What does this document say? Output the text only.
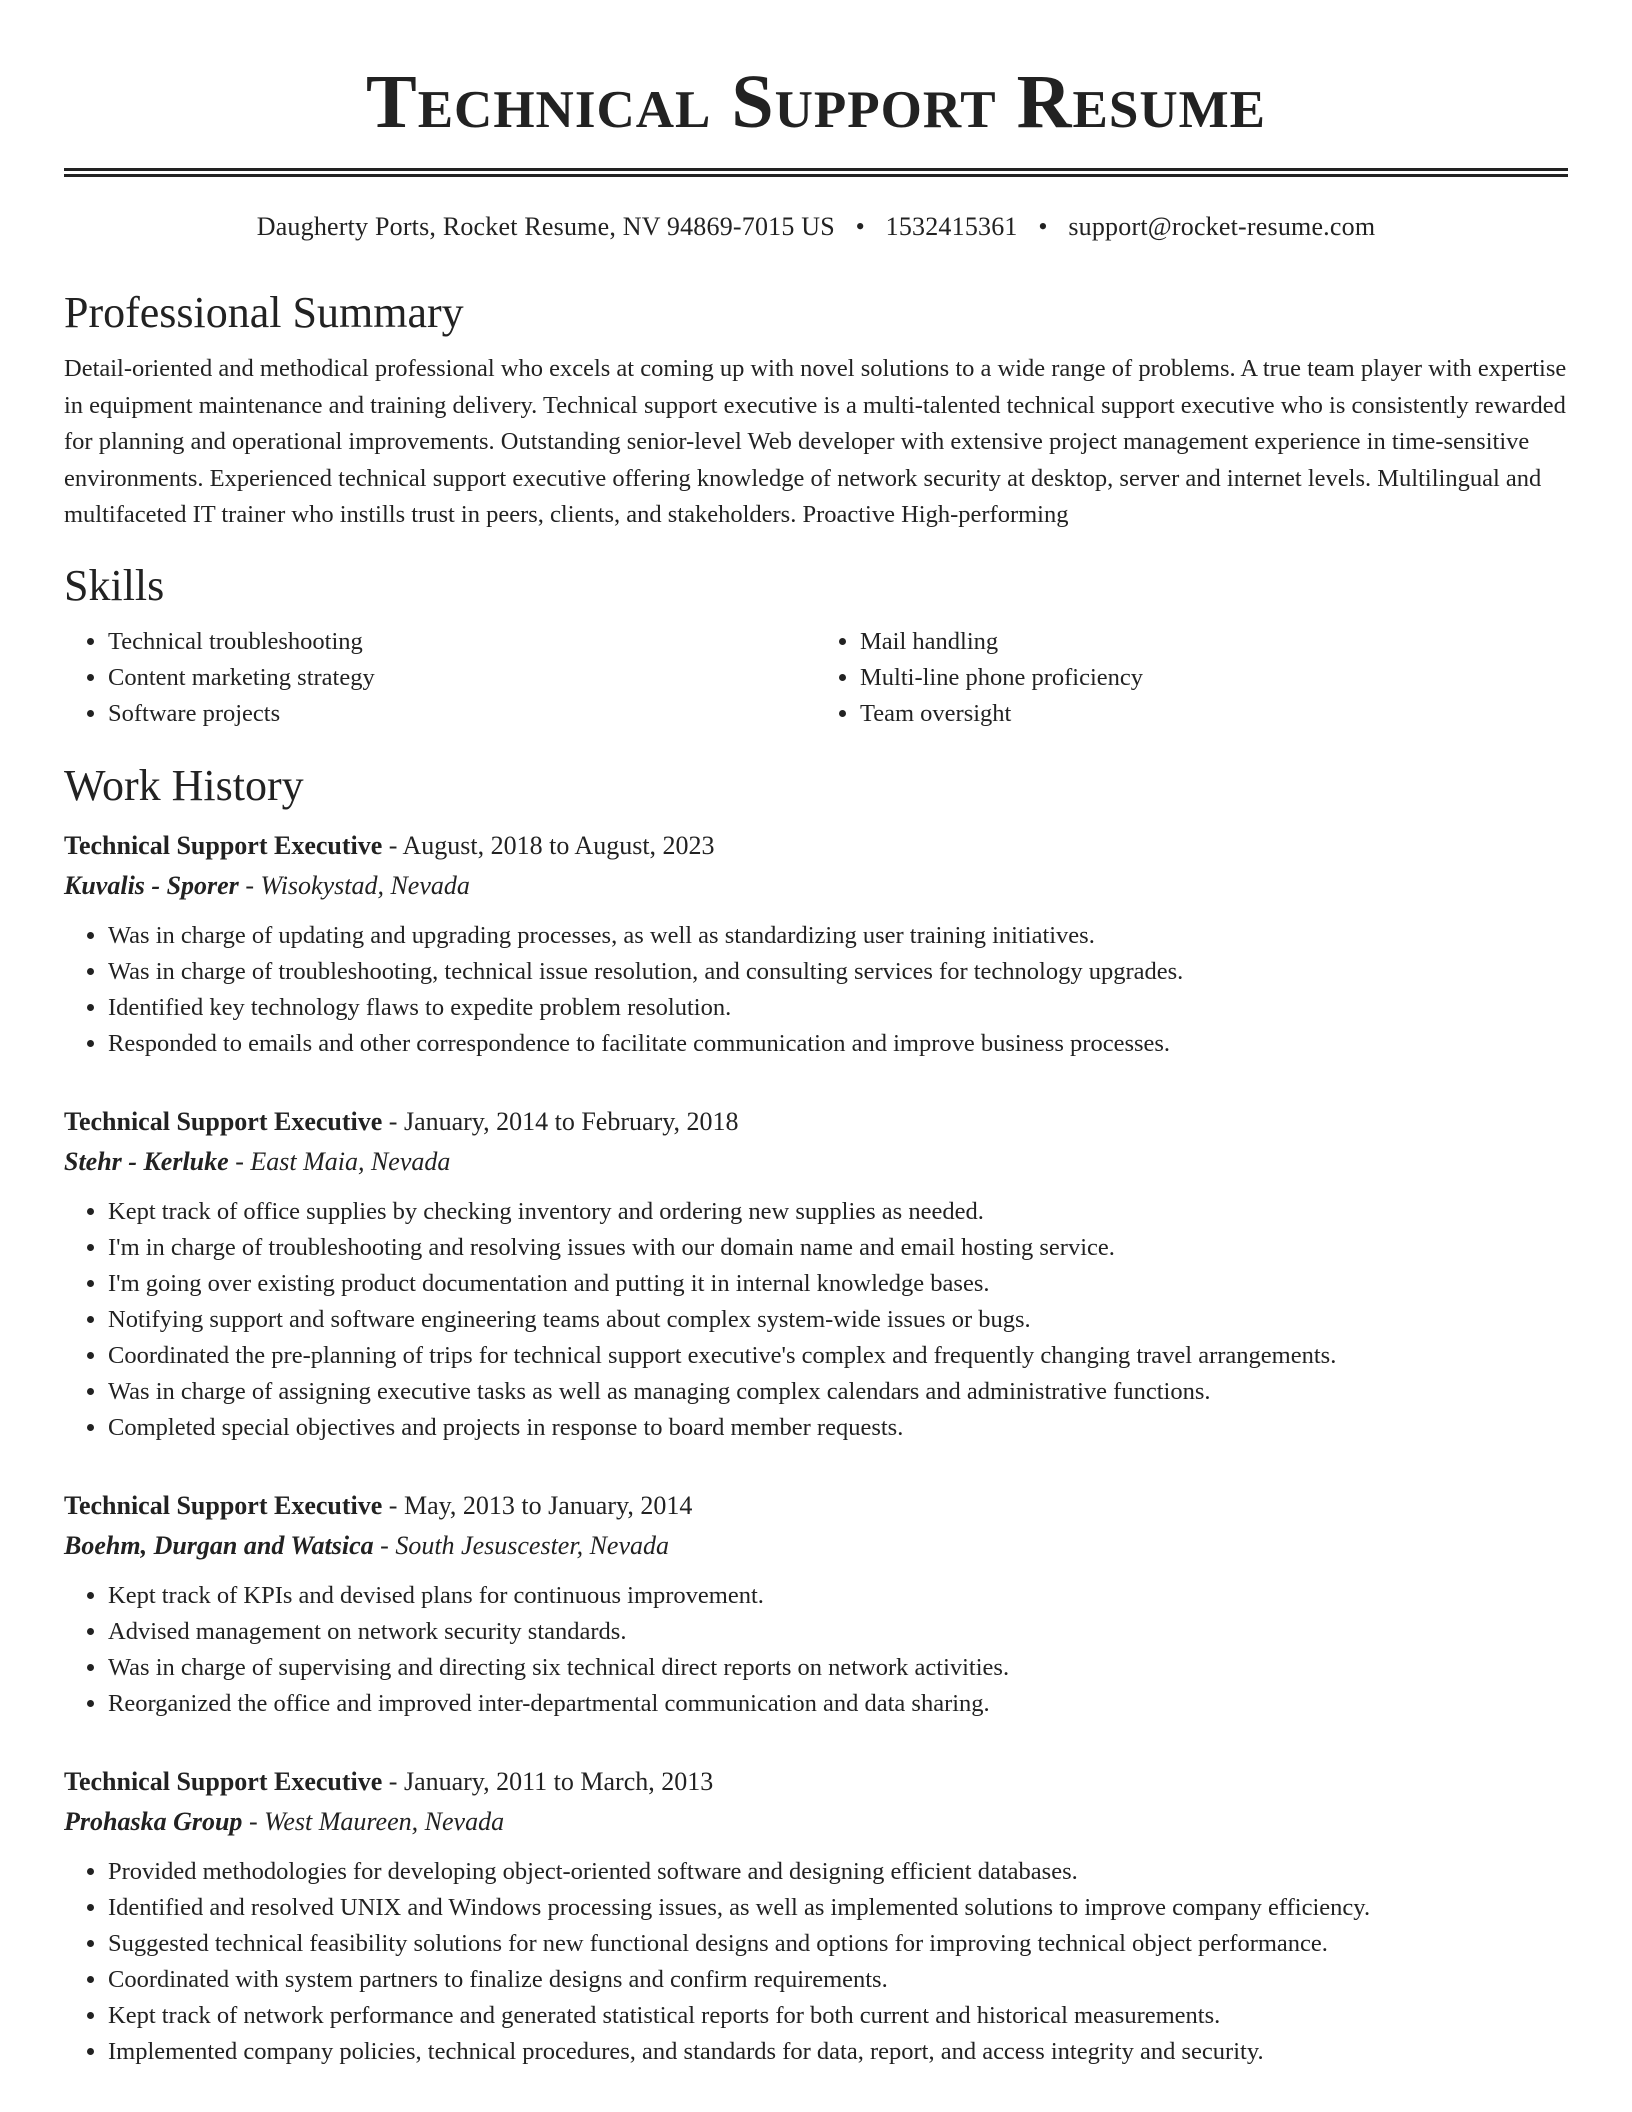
Technical Support Resume
Daugherty Ports, Rocket Resume, NV 94869-7015 US • 1532415361 • support@rocket-resume.com
Professional Summary

Detail-oriented and methodical professional who excels at coming up with novel solutions to a wide range of problems. A true team player with expertise in equipment maintenance and training delivery. Technical support executive is a multi-talented technical support executive who is consistently rewarded for planning and operational improvements. Outstanding senior-level Web developer with extensive project management experience in time-sensitive environments. Experienced technical support executive offering knowledge of network security at desktop, server and internet levels. Multilingual and multifaceted IT trainer who instills trust in peers, clients, and stakeholders. Proactive High-performing

Skills
• Technical troubleshooting
• Content marketing strategy
• Software projects
• Mail handling
• Multi-line phone proficiency
• Team oversight
Work History
Technical Support Executive - August, 2018 to August, 2023
Kuvalis - Sporer - Wisokystad, Nevada
• Was in charge of updating and upgrading processes, as well as standardizing user training initiatives.
• Was in charge of troubleshooting, technical issue resolution, and consulting services for technology upgrades.
• Identified key technology flaws to expedite problem resolution.
• Responded to emails and other correspondence to facilitate communication and improve business processes.
Technical Support Executive - January, 2014 to February, 2018
Stehr - Kerluke - East Maia, Nevada
• Kept track of office supplies by checking inventory and ordering new supplies as needed.
• I'm in charge of troubleshooting and resolving issues with our domain name and email hosting service.
• I'm going over existing product documentation and putting it in internal knowledge bases.
• Notifying support and software engineering teams about complex system-wide issues or bugs.
• Coordinated the pre-planning of trips for technical support executive's complex and frequently changing travel arrangements.
• Was in charge of assigning executive tasks as well as managing complex calendars and administrative functions.
• Completed special objectives and projects in response to board member requests.
Technical Support Executive - May, 2013 to January, 2014
Boehm, Durgan and Watsica - South Jesuscester, Nevada
• Kept track of KPIs and devised plans for continuous improvement.
• Advised management on network security standards.
• Was in charge of supervising and directing six technical direct reports on network activities.
• Reorganized the office and improved inter-departmental communication and data sharing.
Technical Support Executive - January, 2011 to March, 2013
Prohaska Group - West Maureen, Nevada
• Provided methodologies for developing object-oriented software and designing efficient databases.
• Identified and resolved UNIX and Windows processing issues, as well as implemented solutions to improve company efficiency.
• Suggested technical feasibility solutions for new functional designs and options for improving technical object performance.
• Coordinated with system partners to finalize designs and confirm requirements.
• Kept track of network performance and generated statistical reports for both current and historical measurements.
• Implemented company policies, technical procedures, and standards for data, report, and access integrity and security.
